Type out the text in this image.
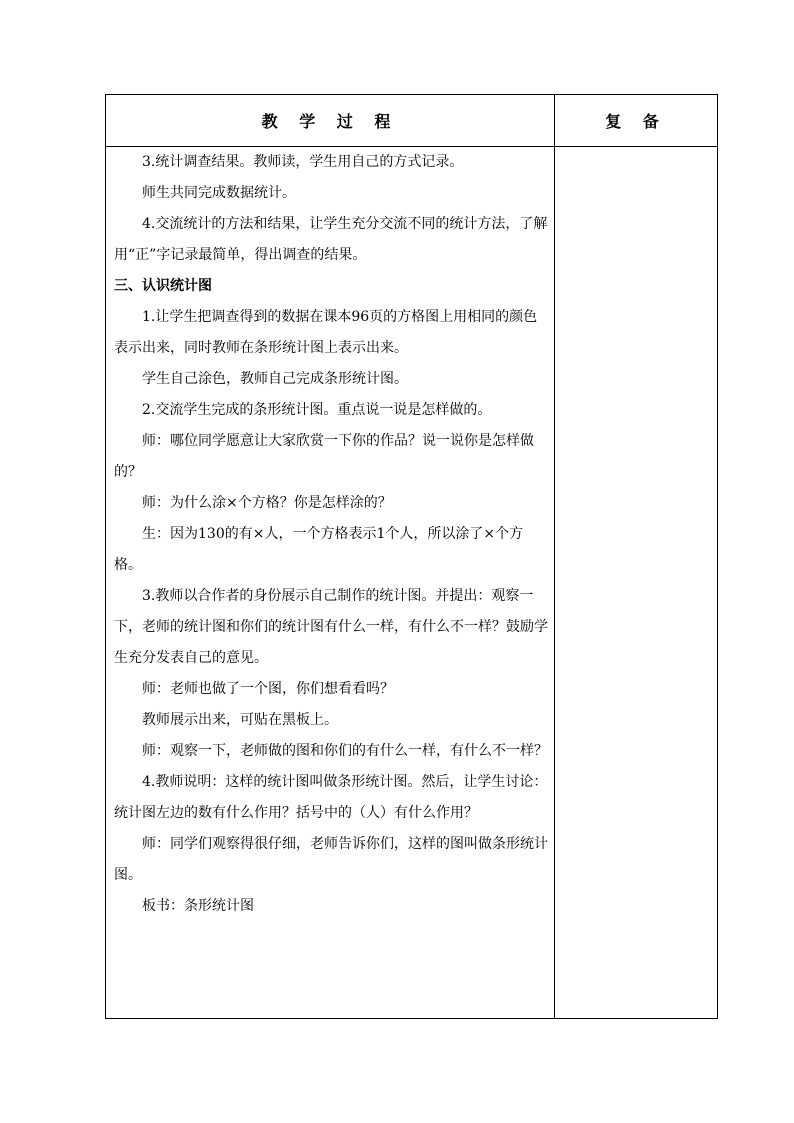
教 学 过 程	复 备

3.统计调查结果。教师读，学生用自己的方式记录。

师生共同完成数据统计。

4.交流统计的方法和结果，让学生充分交流不同的统计方法，了解用“正”字记录最简单，得出调查的结果。

三、认识统计图

1.让学生把调查得到的数据在课本96页的方格图上用相同的颜色表示出来，同时教师在条形统计图上表示出来。

学生自己涂色，教师自己完成条形统计图。

2.交流学生完成的条形统计图。重点说一说是怎样做的。

师：哪位同学愿意让大家欣赏一下你的作品？说一说你是怎样做的？

师：为什么涂×个方格？你是怎样涂的？

生：因为130的有×人，一个方格表示1个人，所以涂了×个方格。

3.教师以合作者的身份展示自己制作的统计图。并提出：观察一下，老师的统计图和你们的统计图有什么一样，有什么不一样？鼓励学生充分发表自己的意见。

师：老师也做了一个图，你们想看看吗？

教师展示出来，可贴在黑板上。

师：观察一下，老师做的图和你们的有什么一样，有什么不一样？

4.教师说明：这样的统计图叫做条形统计图。然后，让学生讨论：统计图左边的数有什么作用？括号中的（人）有什么作用？

师：同学们观察得很仔细，老师告诉你们，这样的图叫做条形统计图。

板书：条形统计图
